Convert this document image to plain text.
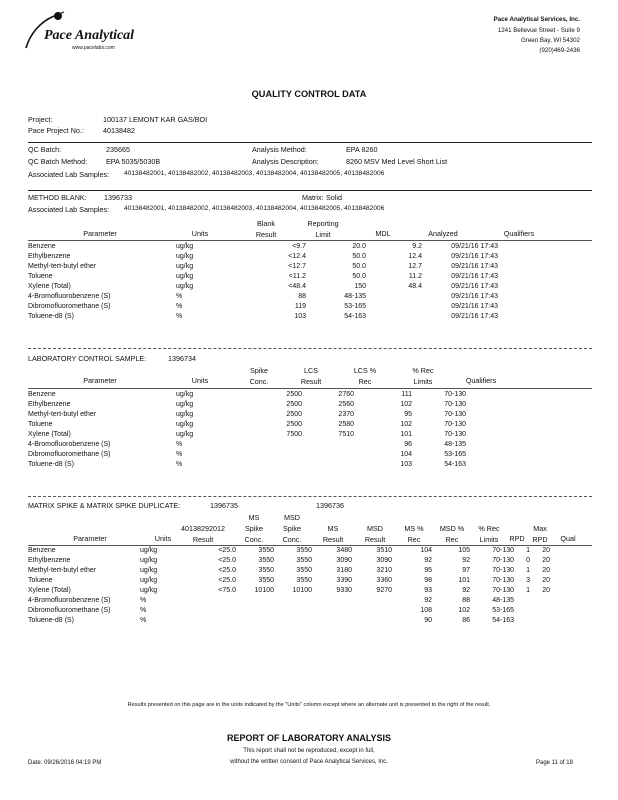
Pace Analytical
www.pacelabs.com
Pace Analytical Services, Inc.
1241 Bellevue Street - Suite 9
Green Bay, WI 54302
(920)469-2436
QUALITY CONTROL DATA
Project:	100137 LEMONT KAR GAS/BOI
Pace Project No.:	40138482
QC Batch:	235665	Analysis Method:	EPA 8260
QC Batch Method:	EPA 5035/5030B	Analysis Description:	8260 MSV Med Level Short List
Associated Lab Samples: 40138482001, 40138482002, 40138482003, 40138482004, 40138482005, 40138482006
METHOD BLANK: 1396733	Matrix: Solid
Associated Lab Samples: 40138482001, 40138482002, 40138482003, 40138482004, 40138482005, 40138482006
Parameter	Units
Blank Result
Reporting Limit	MDL	Analyzed	Qualifiers
Benzene	ug/kg	<9.7	20.0	9.2	09/21/16 17:43	
Ethylbenzene	ug/kg	<12.4	50.0	12.4	09/21/16 17:43	
Methyl-tert-butyl ether	ug/kg	<12.7	50.0	12.7	09/21/16 17:43	
Toluene	ug/kg	<11.2	50.0	11.2	09/21/16 17:43	
Xylene (Total)	ug/kg	<48.4	150	48.4	09/21/16 17:43	
4-Bromofluorobenzene (S)	%	88	48-135		09/21/16 17:43	
Dibromofluoromethane (S)	%	119	53-165		09/21/16 17:43	
Toluene-d8 (S)	%	103	54-163		09/21/16 17:43	
LABORATORY CONTROL SAMPLE:	1396734
Parameter	Units
Spike Conc.
LCS Result
LCS % Rec
% Rec Limits	Qualifiers
Benzene	ug/kg	2500	2760	111	70-130	
Ethylbenzene	ug/kg	2500	2560	102	70-130	
Methyl-tert-butyl ether	ug/kg	2500	2370	95	70-130	
Toluene	ug/kg	2500	2580	102	70-130	
Xylene (Total)	ug/kg	7500	7510	101	70-130	
4-Bromofluorobenzene (S)	%			96	48-135	
Dibromofluoromethane (S)	%			104	53-165	
Toluene-d8 (S)	%			103	54-163	
MATRIX SPIKE & MATRIX SPIKE DUPLICATE:	1396735	1396736
Parameter	Units
40138292012 Result
MS Spike Conc.
MSD Spike Conc.
MS Result
MSD Result
MS % Rec
MSD % Rec
% Rec Limits	RPD
Max RPD	Qual
Benzene	ug/kg	<25.0	3550	3550	3480	3510	104	105	70-130	1	20	
Ethylbenzene	ug/kg	<25.0	3550	3550	3090	3090	92	92	70-130	0	20	
Methyl-tert-butyl ether	ug/kg	<25.0	3550	3550	3180	3210	95	97	70-130	1	20	
Toluene	ug/kg	<25.0	3550	3550	3390	3360	98	101	70-130	3	20	
Xylene (Total)	ug/kg	<75.0	10100	10100	9330	9270	93	92	70-130	1	20	
4-Bromofluorobenzene (S)	%						92	88	48-135			
Dibromofluoromethane (S)	%						108	102	53-165			
Toluene-d8 (S)	%						90	86	54-163			
Results presented on this page are in the units indicated by the "Units" column except where an alternate unit is presented to the right of the result.
REPORT OF LABORATORY ANALYSIS
This report shall not be reproduced, except in full,
without the written consent of Pace Analytical Services, Inc.
Date: 09/26/2016 04:19 PM	Page 11 of 18
